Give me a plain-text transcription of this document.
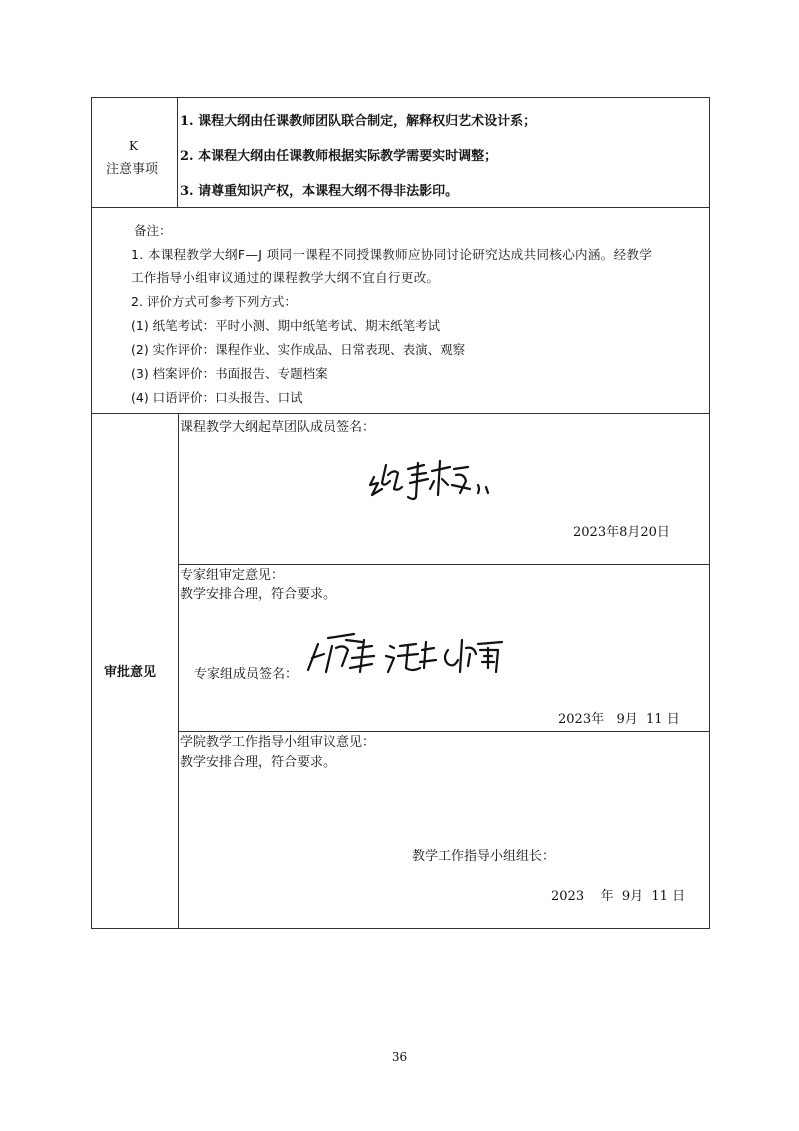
K
注意事项
1. 课程大纲由任课教师团队联合制定，解释权归艺术设计系；
2. 本课程大纲由任课教师根据实际教学需要实时调整；
3. 请尊重知识产权，本课程大纲不得非法影印。
备注：
1. 本课程教学大纲F—J 项同一课程不同授课教师应协同讨论研究达成共同核心内涵。经教学
工作指导小组审议通过的课程教学大纲不宜自行更改。
2. 评价方式可参考下列方式：
(1) 纸笔考试：平时小测、期中纸笔考试、期末纸笔考试
(2) 实作评价：课程作业、实作成品、日常表现、表演、观察
(3) 档案评价：书面报告、专题档案
(4) 口语评价：口头报告、口试
审批意见
课程教学大纲起草团队成员签名：
2023年8月20日
专家组审定意见：
教学安排合理，符合要求。
专家组成员签名：
2023年   9月  11 日
学院教学工作指导小组审议意见：
教学安排合理，符合要求。
教学工作指导小组组长：
2023    年  9月  11 日
36
